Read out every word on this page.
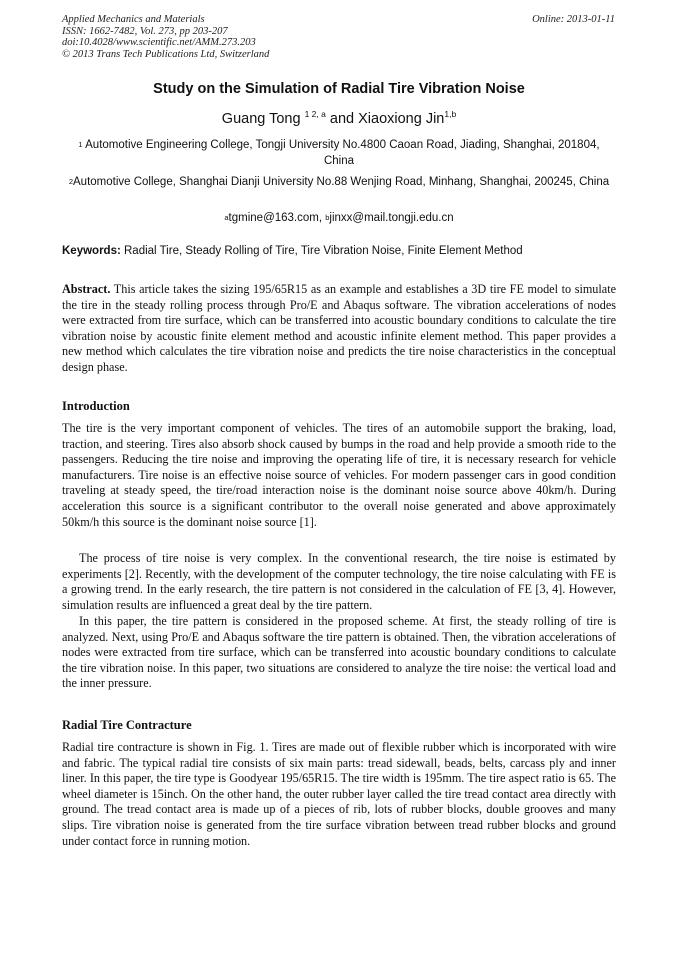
Applied Mechanics and Materials
ISSN: 1662-7482, Vol. 273, pp 203-207
doi:10.4028/www.scientific.net/AMM.273.203
© 2013 Trans Tech Publications Ltd, Switzerland
Online: 2013-01-11
Study on the Simulation of Radial Tire Vibration Noise
Guang Tong $^{1 2, a}$ and Xiaoxiong Jin$^{1,b}$
$^1$ Automotive Engineering College, Tongji University No.4800 Caoan Road, Jiading, Shanghai, 201804, China
$^2$Automotive College, Shanghai Dianji University No.88 Wenjing Road, Minhang, Shanghai, 200245, China
$^a$tgmine@163.com, $^b$jinxx@mail.tongji.edu.cn
Keywords: Radial Tire, Steady Rolling of Tire, Tire Vibration Noise, Finite Element Method

Abstract. This article takes the sizing 195/65R15 as an example and establishes a 3D tire FE model to simulate the tire in the steady rolling process through Pro/E and Abaqus software. The vibration accelerations of nodes were extracted from tire surface, which can be transferred into acoustic boundary conditions to calculate the tire vibration noise by acoustic finite element method and acoustic infinite element method. This paper provides a new method which calculates the tire vibration noise and predicts the tire noise characteristics in the conceptual design phase.

Introduction

The tire is the very important component of vehicles. The tires of an automobile support the braking, load, traction, and steering. Tires also absorb shock caused by bumps in the road and help provide a smooth ride to the passengers. Reducing the tire noise and improving the operating life of tire, it is necessary research for vehicle manufacturers. Tire noise is an effective noise source of vehicles. For modern passenger cars in good condition traveling at steady speed, the tire/road interaction noise is the dominant noise source above 40km/h. During acceleration this source is a significant contributor to the overall noise generated and above approximately 50km/h this source is the dominant noise source [1].

The process of tire noise is very complex. In the conventional research, the tire noise is estimated by experiments [2]. Recently, with the development of the computer technology, the tire noise calculating with FE is a growing trend. In the early research, the tire pattern is not considered in the calculation of FE [3, 4]. However, simulation results are influenced a great deal by the tire pattern.

In this paper, the tire pattern is considered in the proposed scheme. At first, the steady rolling of tire is analyzed. Next, using Pro/E and Abaqus software the tire pattern is obtained. Then, the vibration accelerations of nodes were extracted from tire surface, which can be transferred into acoustic boundary conditions to calculate the tire vibration noise. In this paper, two situations are considered to analyze the tire noise: the vertical load and the inner pressure.

Radial Tire Contracture

Radial tire contracture is shown in Fig. 1. Tires are made out of flexible rubber which is incorporated with wire and fabric. The typical radial tire consists of six main parts: tread sidewall, beads, belts, carcass ply and inner liner. In this paper, the tire type is Goodyear 195/65R15. The tire width is 195mm. The tire aspect ratio is 65. The wheel diameter is 15inch. On the other hand, the outer rubber layer called the tire tread contact area directly with ground. The tread contact area is made up of a pieces of rib, lots of rubber blocks, double grooves and many slips. Tire vibration noise is generated from the tire surface vibration between tread rubber blocks and ground under contact force in running motion.
